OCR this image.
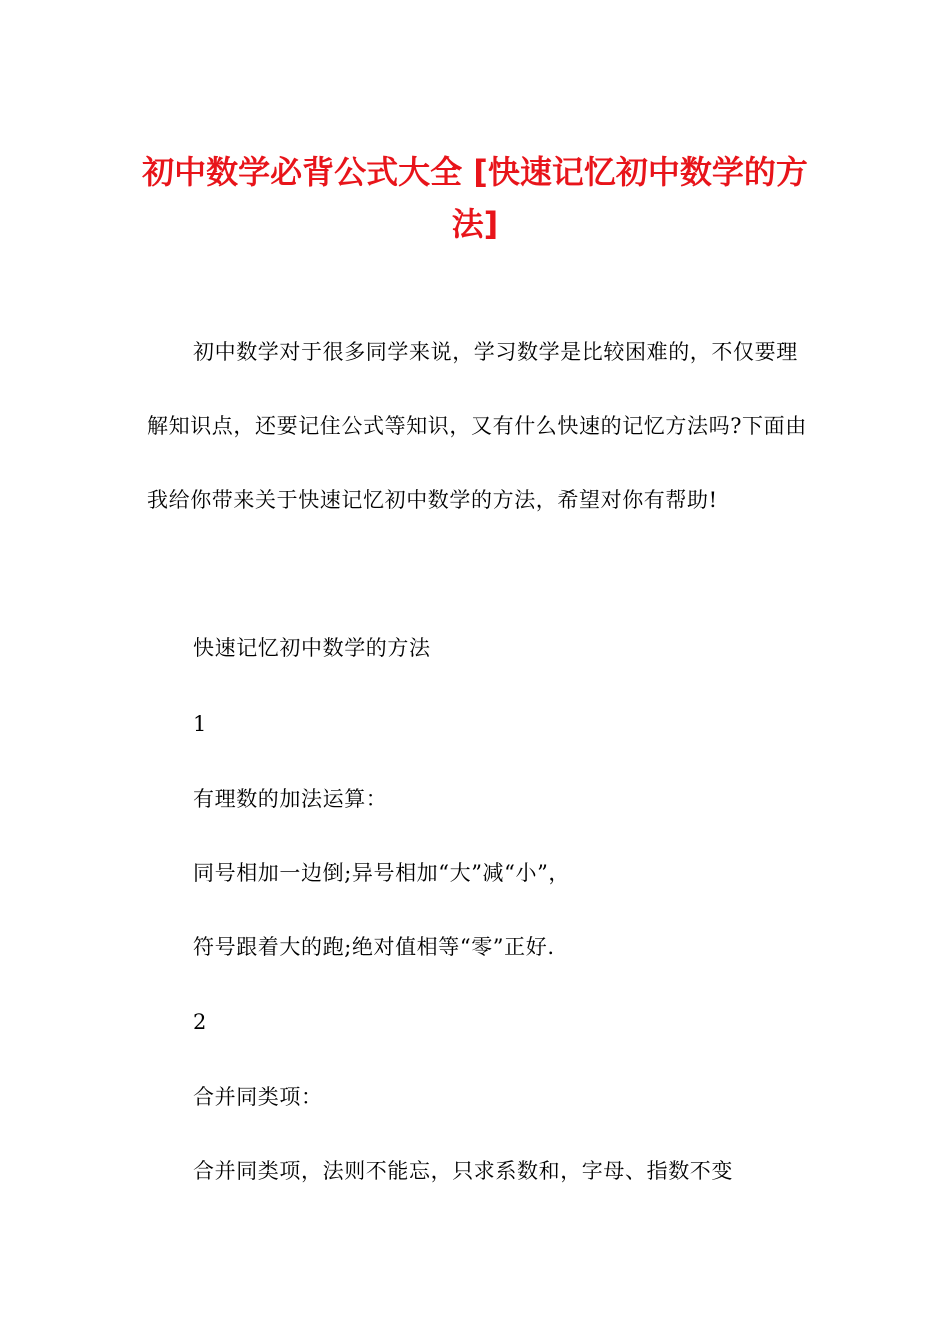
初中数学必背公式大全 [快速记忆初中数学的方法]

初中数学对于很多同学来说，学习数学是比较困难的，不仅要理解知识点，还要记住公式等知识，又有什么快速的记忆方法吗?下面由我给你带来关于快速记忆初中数学的方法，希望对你有帮助!

快速记忆初中数学的方法

1

有理数的加法运算：

同号相加一边倒;异号相加“大”减“小”，

符号跟着大的跑;绝对值相等“零”正好.

2

合并同类项：

合并同类项，法则不能忘，只求系数和，字母、指数不变
